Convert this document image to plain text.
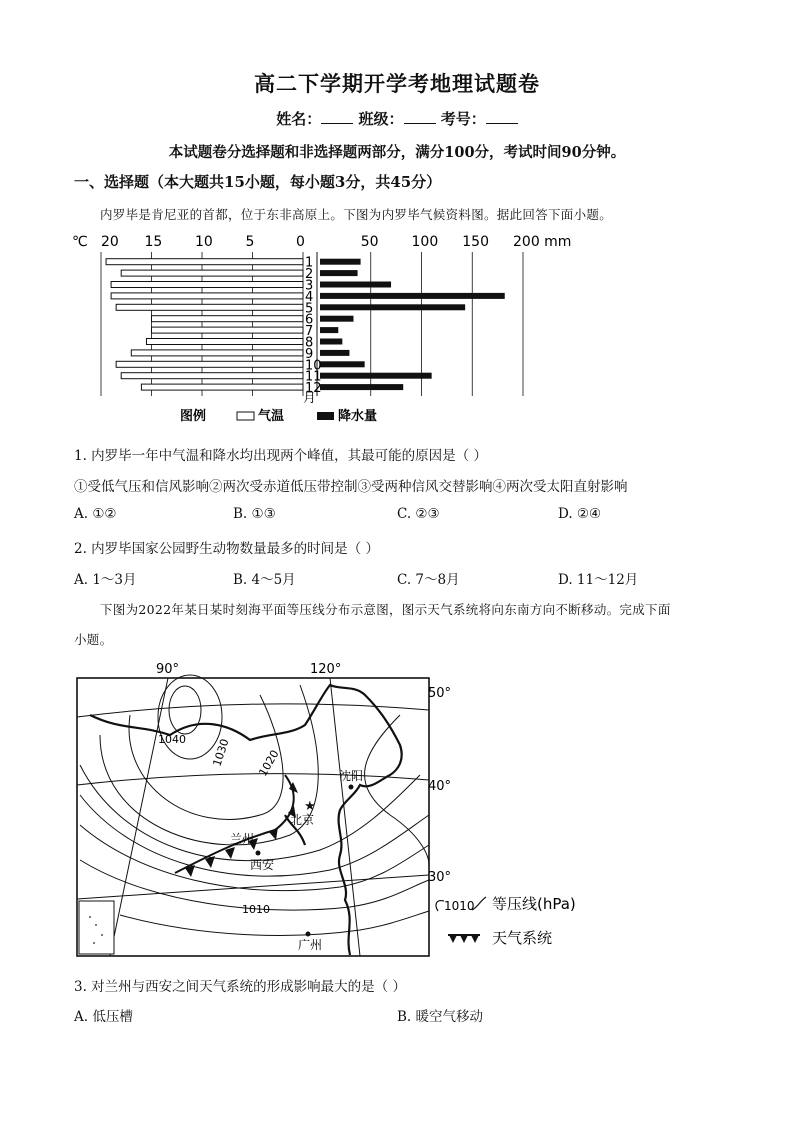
高二下学期开学考地理试题卷
姓名： 班级： 考号：
本试题卷分选择题和非选择题两部分，满分100分，考试时间90分钟。
一、选择题（本大题共15小题，每小题3分，共45分）
内罗毕是肯尼亚的首都，位于东非高原上。下图为内罗毕气候资料图。据此回答下面小题。
℃ 20 15 10 5	0	50 100 150 200 mm
1
2
3
4
5
6
7
8
9
10
11
12
月
图例	气温	降水量
1. 内罗毕一年中气温和降水均出现两个峰值，其最可能的原因是（ ）
①受低气压和信风影响②两次受赤道低压带控制③受两种信风交替影响④两次受太阳直射影响
A. ①②	B. ①③	C. ②③	D. ②④
2. 内罗毕国家公园野生动物数量最多的时间是（ ）
A. 1～3月	B. 4～5月	C. 7～8月	D. 11～12月
下图为2022年某日某时刻海平面等压线分布示意图，图示天气系统将向东南方向不断移动。完成下面
小题。
90°	120°
50°
40°
30°
1040 1030 1020
1010
沈阳
★
北京
兰州
西安
广州
1010 等压线(hPa)
天气系统
3. 对兰州与西安之间天气系统的形成影响最大的是（ ）
A. 低压槽	B. 暖空气移动
